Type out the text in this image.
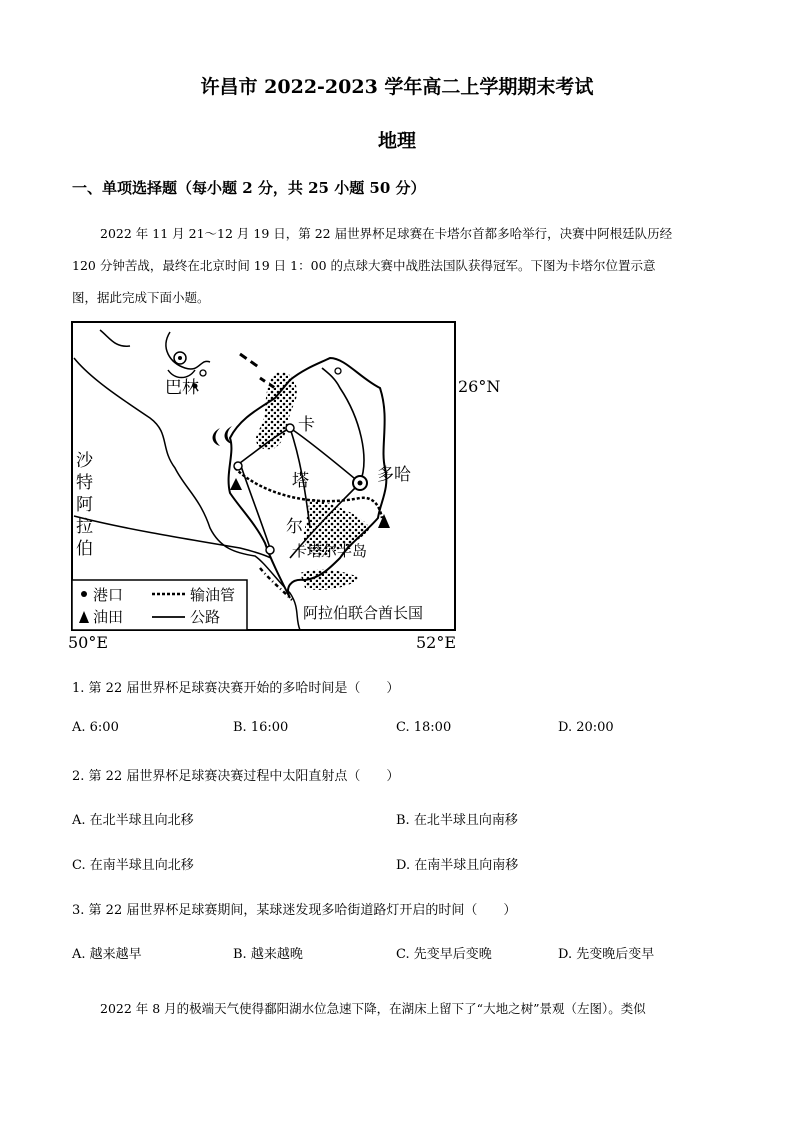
许昌市 2022-2023 学年高二上学期期末考试
地理
一、单项选择题（每小题 2 分，共 25 小题 50 分）

2022 年 11 月 21～12 月 19 日，第 22 届世界杯足球赛在卡塔尔首都多哈举行，决赛中阿根廷队历经

120 分钟苦战，最终在北京时间 19 日 1：00 的点球大赛中战胜法国队获得冠军。下图为卡塔尔位置示意

图，据此完成下面小题。

巴林
卡
塔
尔
多哈
卡塔尔半岛
阿拉伯联合酋长国
沙
特
阿
拉
伯
港口
油田
输油管
公路
26°N
50°E	52°E
1. 第 22 届世界杯足球赛决赛开始的多哈时间是（　　）
A. 6:00	B. 16:00	C. 18:00	D. 20:00
2. 第 22 届世界杯足球赛决赛过程中太阳直射点（　　）
A. 在北半球且向北移	B. 在北半球且向南移
C. 在南半球且向北移	D. 在南半球且向南移
3. 第 22 届世界杯足球赛期间，某球迷发现多哈街道路灯开启的时间（　　）
A. 越来越早	B. 越来越晚	C. 先变早后变晚	D. 先变晚后变早
2022 年 8 月的极端天气使得鄱阳湖水位急速下降，在湖床上留下了“大地之树”景观（左图）。类似
